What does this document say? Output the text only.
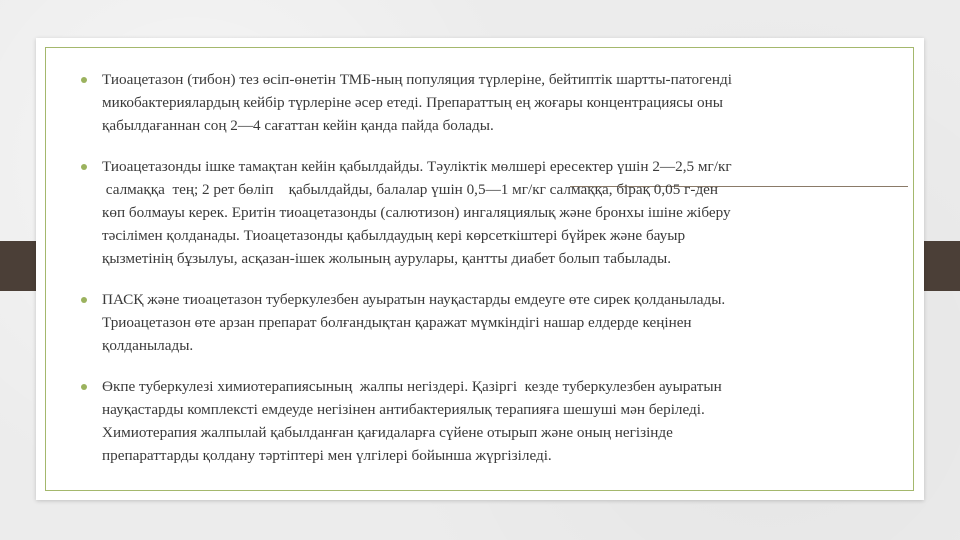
Тиоацетазон (тибон) тез өсіп-өнетін ТМБ-ның популяция түрлеріне, бейтиптік шартты-патогенді
микобактериялардың кейбір түрлеріне әсер етеді. Препараттың ең жоғары концентрациясы оны
қабылдағаннан соң 2—4 сағаттан кейін қанда пайда болады.
Тиоацетазонды ішке тамақтан кейін қабылдайды. Тәуліктік мөлшері ересектер үшін 2—2,5 мг/кг
салмаққа  тең; 2 рет бөліп    қабылдайды, балалар үшін 0,5—1 мг/кг салмаққа, бірақ 0,05 г-ден
көп болмауы керек. Еритін тиоацетазонды (салютизон) ингаляциялық және бронхы ішіне жіберу
тәсілімен қолданады. Тиоацетазонды қабылдаудың кері көрсеткіштері бүйрек және бауыр
қызметінің бұзылуы, асқазан-ішек жолының аурулары, қантты диабет болып табылады.
ПАСҚ және тиоацетазон туберкулезбен ауыратын науқастарды емдеуге өте сирек қолданылады.
Триоацетазон өте арзан препарат болғандықтан қаражат мүмкіндігі нашар елдерде кеңінен
қолданылады.
Өкпе туберкулезі химиотерапиясының  жалпы негіздері. Қазіргі  кезде туберкулезбен ауыратын
науқастарды комплексті емдеуде негізінен антибактериялық терапияға шешуші мән беріледі.
Химиотерапия жалпылай қабылданған қағидаларға сүйене отырып және оның негізінде
препараттарды қолдану тәртіптері мен үлгілері бойынша жүргізіледі.
